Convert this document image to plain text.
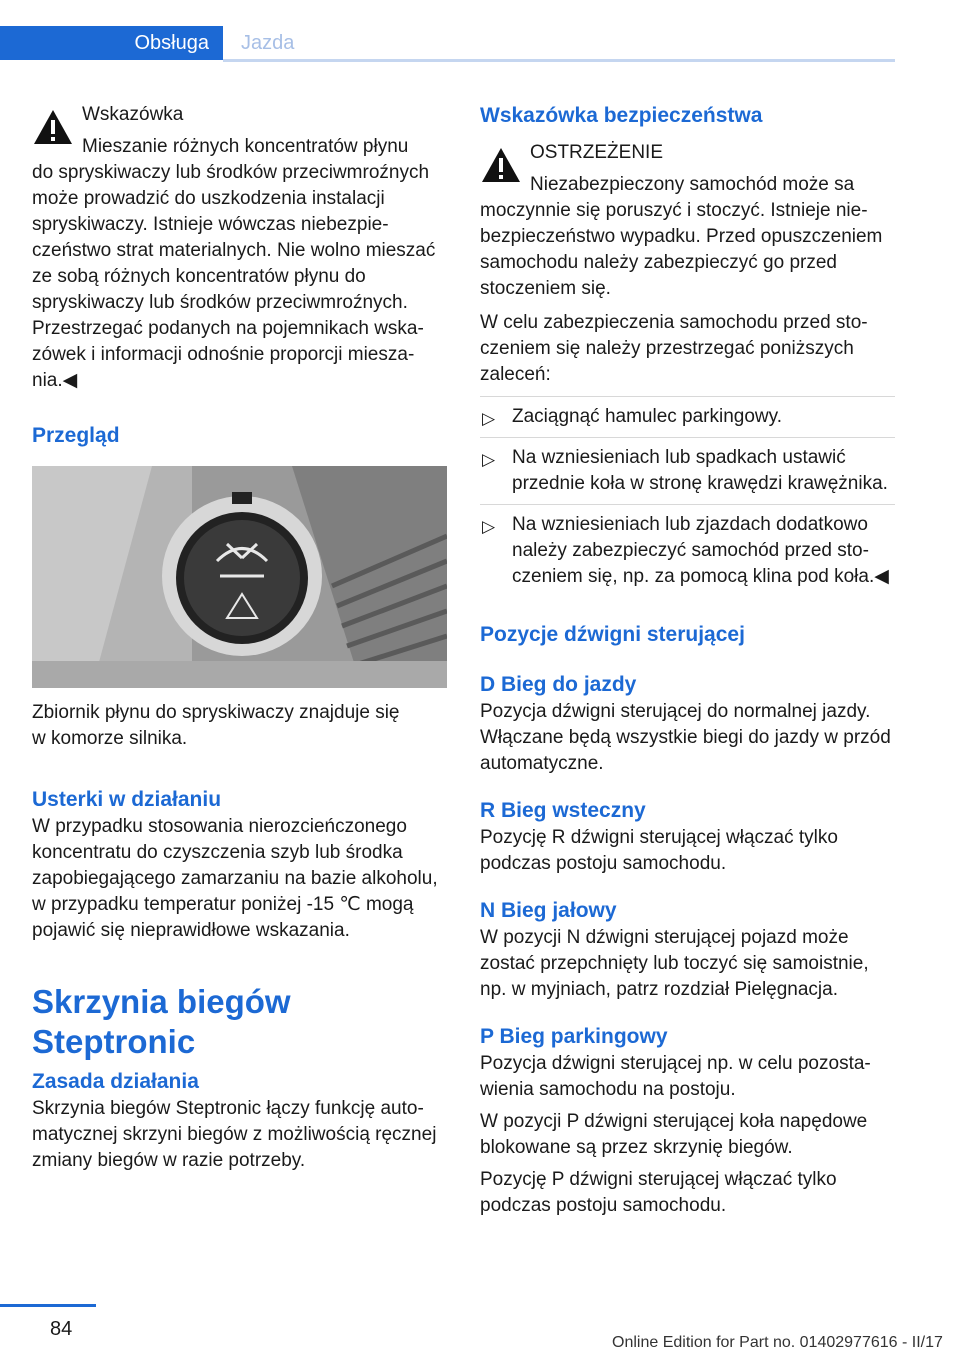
Obsługa	Jazda

Wskazówka

Mieszanie różnych koncentratów płynu

do spryskiwaczy lub środków przeciwmroźnych może prowadzić do uszkodzenia instalacji spryskiwaczy. Istnieje wówczas niebezpieczeństwo strat materialnych. Nie wolno mieszać ze sobą różnych koncentratów płynu do spryskiwaczy lub środków przeciwmroźnych. Przestrzegać podanych na pojemnikach wskazówek i informacji odnośnie proporcji mieszania.◀

Przegląd

Zbiornik płynu do spryskiwaczy znajduje się w komorze silnika.

Usterki w działaniu

W przypadku stosowania nierozcieńczonego koncentratu do czyszczenia szyb lub środka zapobiegającego zamarzaniu na bazie alkoholu, w przypadku temperatur poniżej -15 ℃ mogą pojawić się nieprawidłowe wskazania.

Skrzynia biegów Steptronic

Zasada działania

Skrzynia biegów Steptronic łączy funkcję automatycznej skrzyni biegów z możliwością ręcznej zmiany biegów w razie potrzeby.

Wskazówka bezpieczeństwa

OSTRZEŻENIE

Niezabezpieczony samochód może sa

moczynnie się poruszyć i stoczyć. Istnieje niebezpieczeństwo wypadku. Przed opuszczeniem samochodu należy zabezpieczyć go przed stoczeniem się.

W celu zabezpieczenia samochodu przed stoczeniem się należy przestrzegać poniższych zaleceń:

▷ Zaciągnąć hamulec parkingowy.
▷ Na wzniesieniach lub spadkach ustawić przednie koła w stronę krawędzi krawężnika.
▷ Na wzniesieniach lub zjazdach dodatkowo należy zabezpieczyć samochód przed stoczeniem się, np. za pomocą klina pod koła.◀

Pozycje dźwigni sterującej

D Bieg do jazdy

Pozycja dźwigni sterującej do normalnej jazdy. Włączane będą wszystkie biegi do jazdy w przód automatyczne.

R Bieg wsteczny

Pozycję R dźwigni sterującej włączać tylko podczas postoju samochodu.

N Bieg jałowy

W pozycji N dźwigni sterującej pojazd może zostać przepchnięty lub toczyć się samoistnie, np. w myjniach, patrz rozdział Pielęgnacja.

P Bieg parkingowy

Pozycja dźwigni sterującej np. w celu pozostawienia samochodu na postoju.

W pozycji P dźwigni sterującej koła napędowe blokowane są przez skrzynię biegów.

Pozycję P dźwigni sterującej włączać tylko podczas postoju samochodu.

84
Online Edition for Part no. 01402977616 - II/17
